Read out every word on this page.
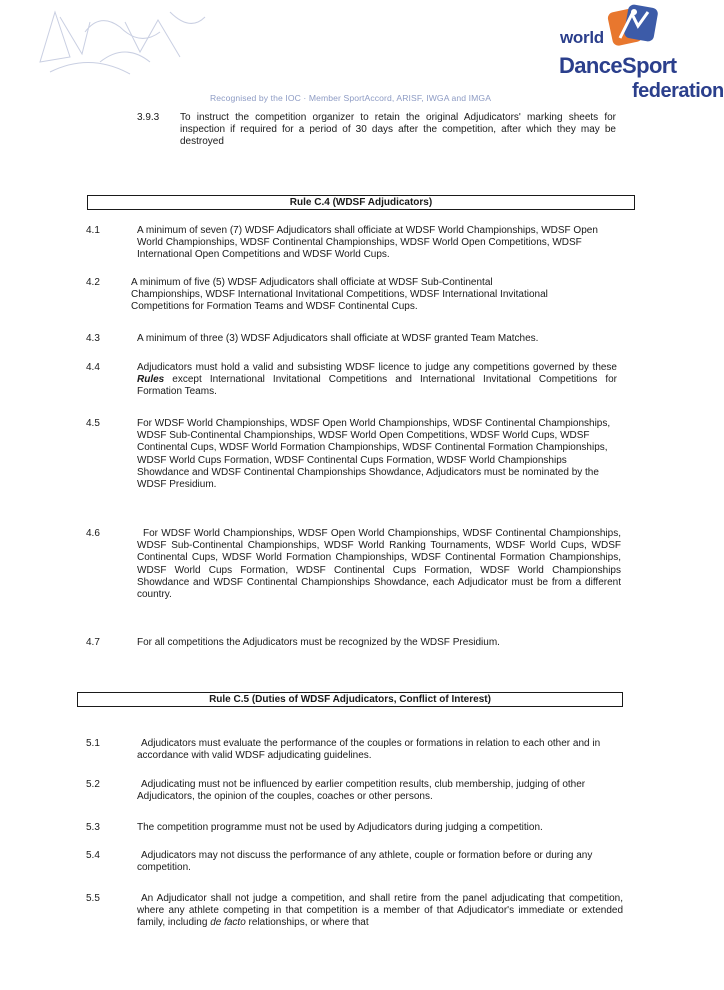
world
DanceSport
federation
Recognised by the IOC · Member SportAccord, ARISF, IWGA and IMGA
3.9.3 To instruct the competition organizer to retain the original Adjudicators' marking sheets for inspection if required for a period of 30 days after the competition, after which they may be destroyed
Rule C.4 (WDSF Adjudicators)
4.1	A minimum of seven (7) WDSF Adjudicators shall officiate at WDSF World Championships, WDSF Open World Championships, WDSF Continental Championships, WDSF World Open Competitions, WDSF International Open Competitions and WDSF World Cups.
4.2	A minimum of five (5) WDSF Adjudicators shall officiate at WDSF Sub-Continental Championships, WDSF International Invitational Competitions, WDSF International Invitational Competitions for Formation Teams and WDSF Continental Cups.
4.3	A minimum of three (3) WDSF Adjudicators shall officiate at WDSF granted Team Matches.
4.4	Adjudicators must hold a valid and subsisting WDSF licence to judge any competitions governed by these Rules except International Invitational Competitions and International Invitational Competitions for Formation Teams.
4.5	For WDSF World Championships, WDSF Open World Championships, WDSF Continental Championships, WDSF Sub-Continental Championships, WDSF World Open Competitions, WDSF World Cups, WDSF Continental Cups, WDSF World Formation Championships, WDSF Continental Formation Championships, WDSF World Cups Formation, WDSF Continental Cups Formation, WDSF World Championships Showdance and WDSF Continental Championships Showdance, Adjudicators must be nominated by the WDSF Presidium.
4.6	For WDSF World Championships, WDSF Open World Championships, WDSF Continental Championships, WDSF Sub-Continental Championships, WDSF World Ranking Tournaments, WDSF World Cups, WDSF Continental Cups, WDSF World Formation Championships, WDSF Continental Formation Championships, WDSF World Cups Formation, WDSF Continental Cups Formation, WDSF World Championships Showdance and WDSF Continental Championships Showdance, each Adjudicator must be from a different country.
4.7	For all competitions the Adjudicators must be recognized by the WDSF Presidium.
Rule C.5 (Duties of WDSF Adjudicators, Conflict of Interest)
5.1	Adjudicators must evaluate the performance of the couples or formations in relation to each other and in accordance with valid WDSF adjudicating guidelines.
5.2	Adjudicating must not be influenced by earlier competition results, club membership, judging of other Adjudicators, the opinion of the couples, coaches or other persons.
5.3	The competition programme must not be used by Adjudicators during judging a competition.
5.4	Adjudicators may not discuss the performance of any athlete, couple or formation before or during any competition.
5.5	An Adjudicator shall not judge a competition, and shall retire from the panel adjudicating that competition, where any athlete competing in that competition is a member of that Adjudicator's immediate or extended family, including de facto relationships, or where that
